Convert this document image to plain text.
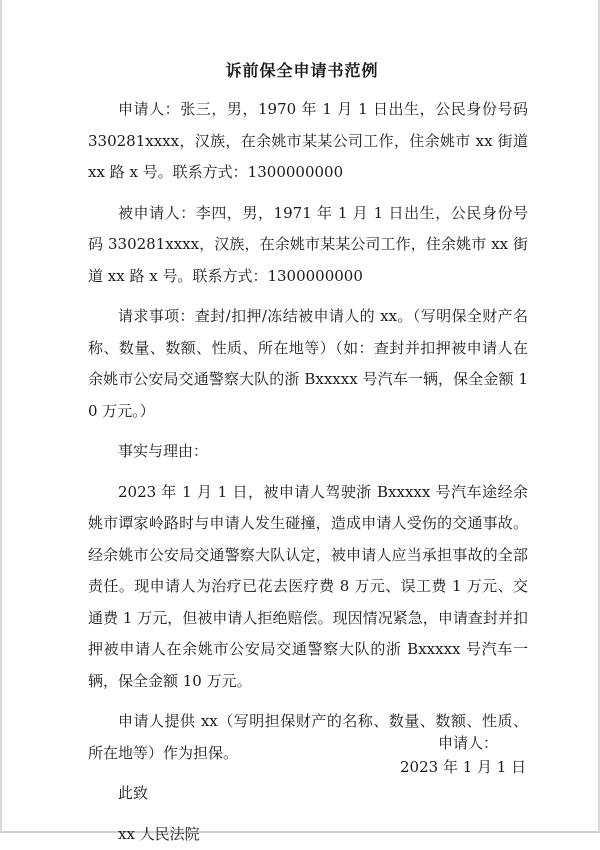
诉前保全申请书范例

申请人：张三，男，1970 年 1 月 1 日出生，公民身份号码 330281xxxx，汉族，在余姚市某某公司工作，住余姚市 xx 街道 xx 路 x 号。联系方式：1300000000

被申请人：李四，男，1971 年 1 月 1 日出生，公民身份号码 330281xxxx，汉族，在余姚市某某公司工作，住余姚市 xx 街道 xx 路 x 号。联系方式：1300000000

请求事项：查封/扣押/冻结被申请人的 xx。（写明保全财产名称、数量、数额、性质、所在地等）（如：查封并扣押被申请人在余姚市公安局交通警察大队的浙 Bxxxxx 号汽车一辆，保全金额 10 万元。）

事实与理由：

2023 年 1 月 1 日，被申请人驾驶浙 Bxxxxx 号汽车途经余姚市谭家岭路时与申请人发生碰撞，造成申请人受伤的交通事故。经余姚市公安局交通警察大队认定，被申请人应当承担事故的全部责任。现申请人为治疗已花去医疗费 8 万元、误工费 1 万元、交通费 1 万元，但被申请人拒绝赔偿。现因情况紧急，申请查封并扣押被申请人在余姚市公安局交通警察大队的浙 Bxxxxx 号汽车一辆，保全金额 10 万元。

申请人提供 xx（写明担保财产的名称、数量、数额、性质、所在地等）作为担保。

此致

xx 人民法院

申请人：
2023 年 1 月 1 日
